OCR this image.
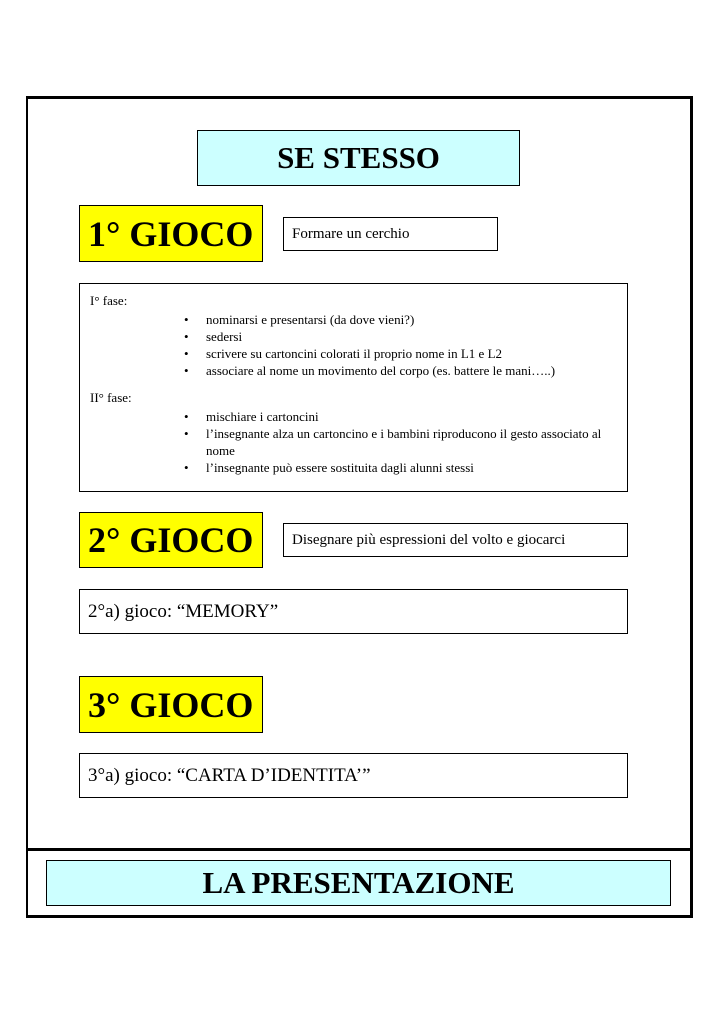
SE STESSO
1° GIOCO	Formare un cerchio

I° fase:

• nominarsi e presentarsi (da dove vieni?)
• sedersi
• scrivere su cartoncini colorati il proprio nome in L1 e L2
• associare al nome un movimento del corpo (es. battere le mani…..)

II° fase:

• mischiare i cartoncini
• l’insegnante alza un cartoncino e i bambini riproducono il gesto associato al nome
• l’insegnante può essere sostituita dagli alunni stessi
2° GIOCO	Disegnare più espressioni del volto e giocarci
2°a) gioco: “MEMORY”
3° GIOCO
3°a) gioco: “CARTA D’IDENTITA’”
LA PRESENTAZIONE
